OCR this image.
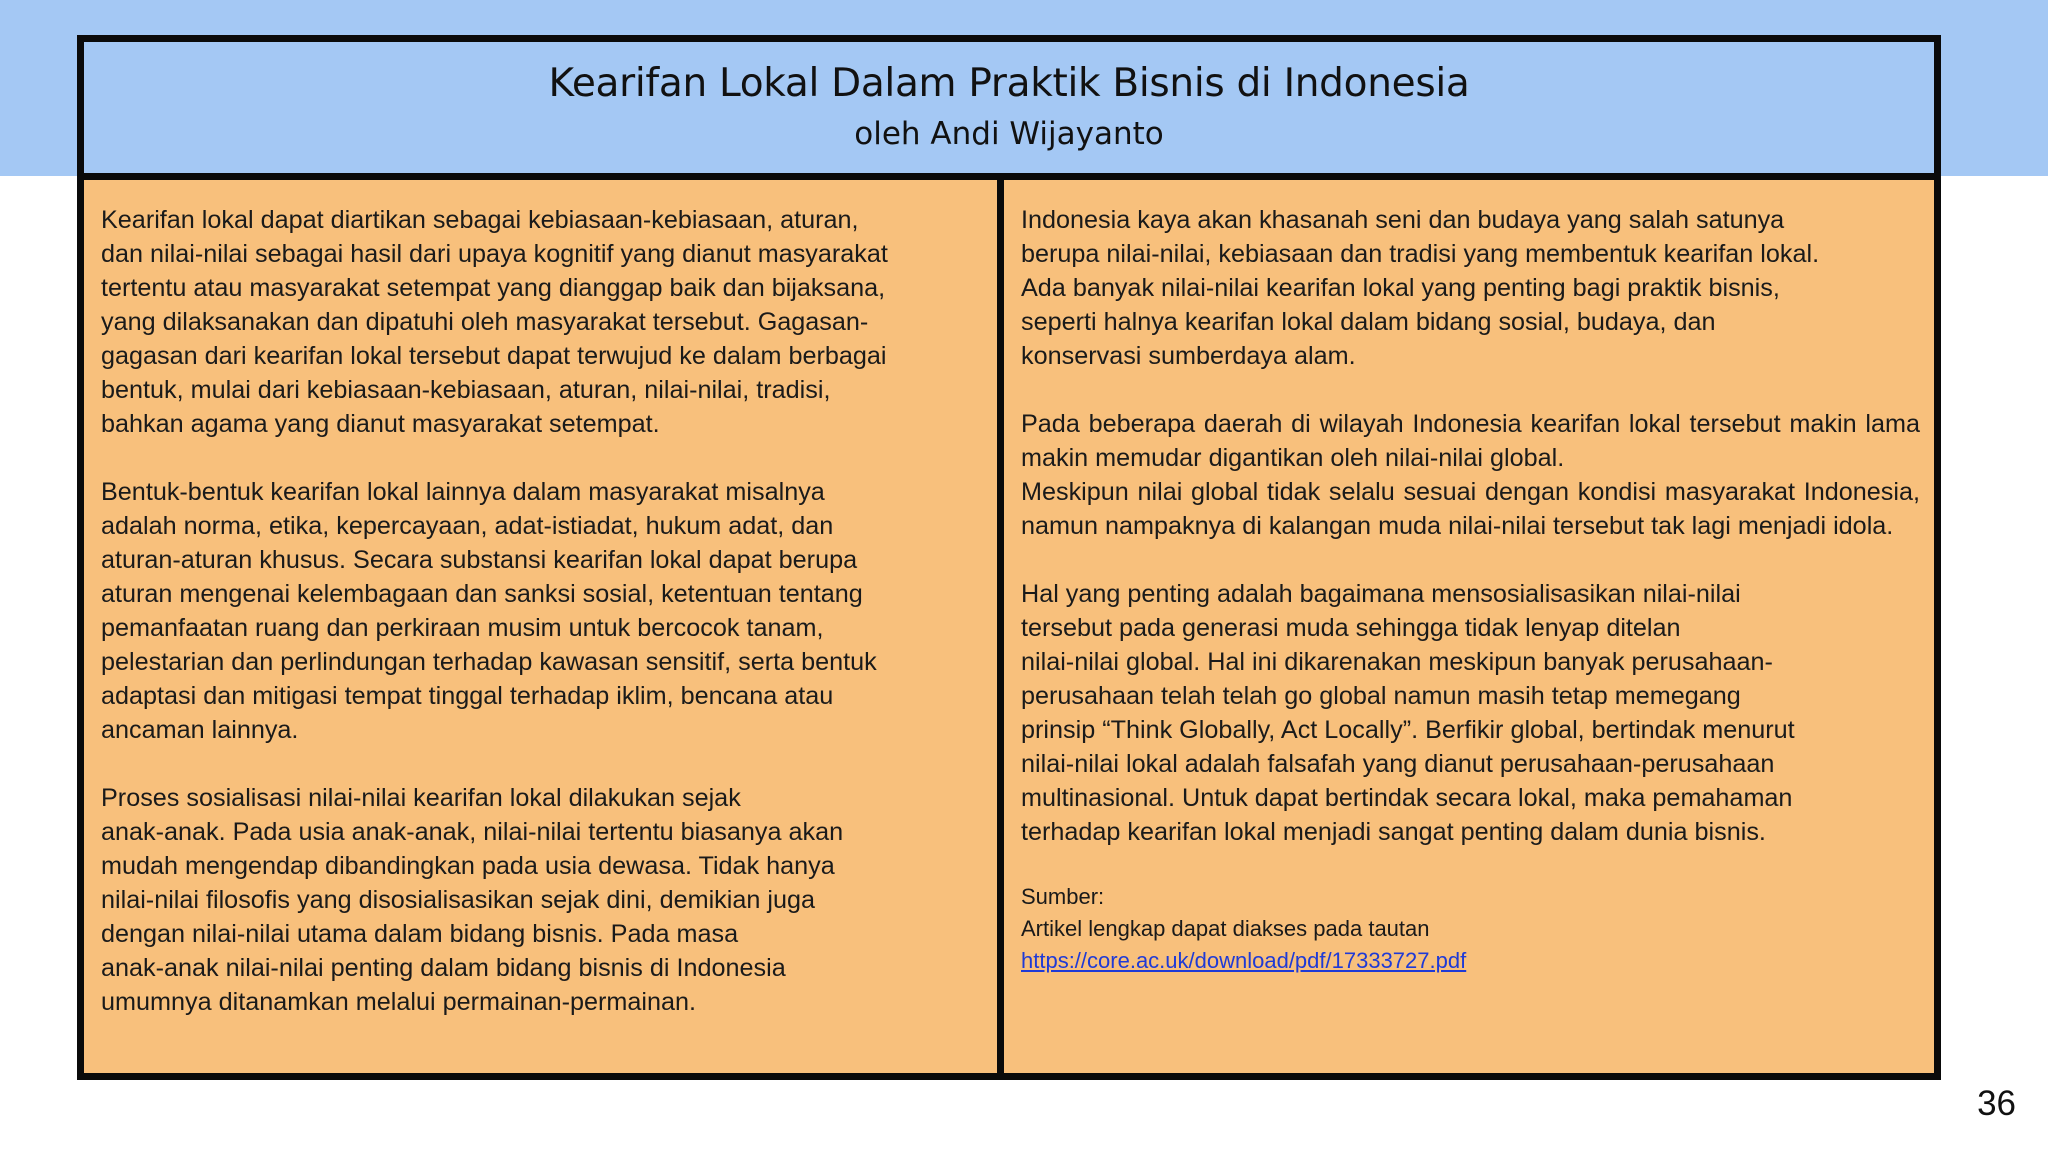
Kearifan Lokal Dalam Praktik Bisnis di Indonesia
oleh Andi Wijayanto

Kearifan lokal dapat diartikan sebagai kebiasaan-kebiasaan, aturan,
dan nilai-nilai sebagai hasil dari upaya kognitif yang dianut masyarakat
tertentu atau masyarakat setempat yang dianggap baik dan bijaksana,
yang dilaksanakan dan dipatuhi oleh masyarakat tersebut. Gagasan-
gagasan dari kearifan lokal tersebut dapat terwujud ke dalam berbagai
bentuk, mulai dari kebiasaan-kebiasaan, aturan, nilai-nilai, tradisi,
bahkan agama yang dianut masyarakat setempat.

Bentuk-bentuk kearifan lokal lainnya dalam masyarakat misalnya
adalah norma, etika, kepercayaan, adat-istiadat, hukum adat, dan
aturan-aturan khusus. Secara substansi kearifan lokal dapat berupa
aturan mengenai kelembagaan dan sanksi sosial, ketentuan tentang
pemanfaatan ruang dan perkiraan musim untuk bercocok tanam,
pelestarian dan perlindungan terhadap kawasan sensitif, serta bentuk
adaptasi dan mitigasi tempat tinggal terhadap iklim, bencana atau
ancaman lainnya.

Proses sosialisasi nilai-nilai kearifan lokal dilakukan sejak
anak-anak. Pada usia anak-anak, nilai-nilai tertentu biasanya akan
mudah mengendap dibandingkan pada usia dewasa. Tidak hanya
nilai-nilai filosofis yang disosialisasikan sejak dini, demikian juga
dengan nilai-nilai utama dalam bidang bisnis. Pada masa
anak-anak nilai-nilai penting dalam bidang bisnis di Indonesia
umumnya ditanamkan melalui permainan-permainan.

Indonesia kaya akan khasanah seni dan budaya yang salah satunya
berupa nilai-nilai, kebiasaan dan tradisi yang membentuk kearifan lokal.
Ada banyak nilai-nilai kearifan lokal yang penting bagi praktik bisnis,
seperti halnya kearifan lokal dalam bidang sosial, budaya, dan
konservasi sumberdaya alam.

Pada beberapa daerah di wilayah Indonesia kearifan lokal tersebut makin lama makin memudar digantikan oleh nilai-nilai global.
Meskipun nilai global tidak selalu sesuai dengan kondisi masyarakat Indonesia, namun nampaknya di kalangan muda nilai-nilai tersebut tak lagi menjadi idola.

Hal yang penting adalah bagaimana mensosialisasikan nilai-nilai
tersebut pada generasi muda sehingga tidak lenyap ditelan
nilai-nilai global. Hal ini dikarenakan meskipun banyak perusahaan-
perusahaan telah telah go global namun masih tetap memegang
prinsip “Think Globally, Act Locally”. Berfikir global, bertindak menurut
nilai-nilai lokal adalah falsafah yang dianut perusahaan-perusahaan
multinasional. Untuk dapat bertindak secara lokal, maka pemahaman
terhadap kearifan lokal menjadi sangat penting dalam dunia bisnis.

Sumber:
Artikel lengkap dapat diakses pada tautan
https://core.ac.uk/download/pdf/17333727.pdf
36
